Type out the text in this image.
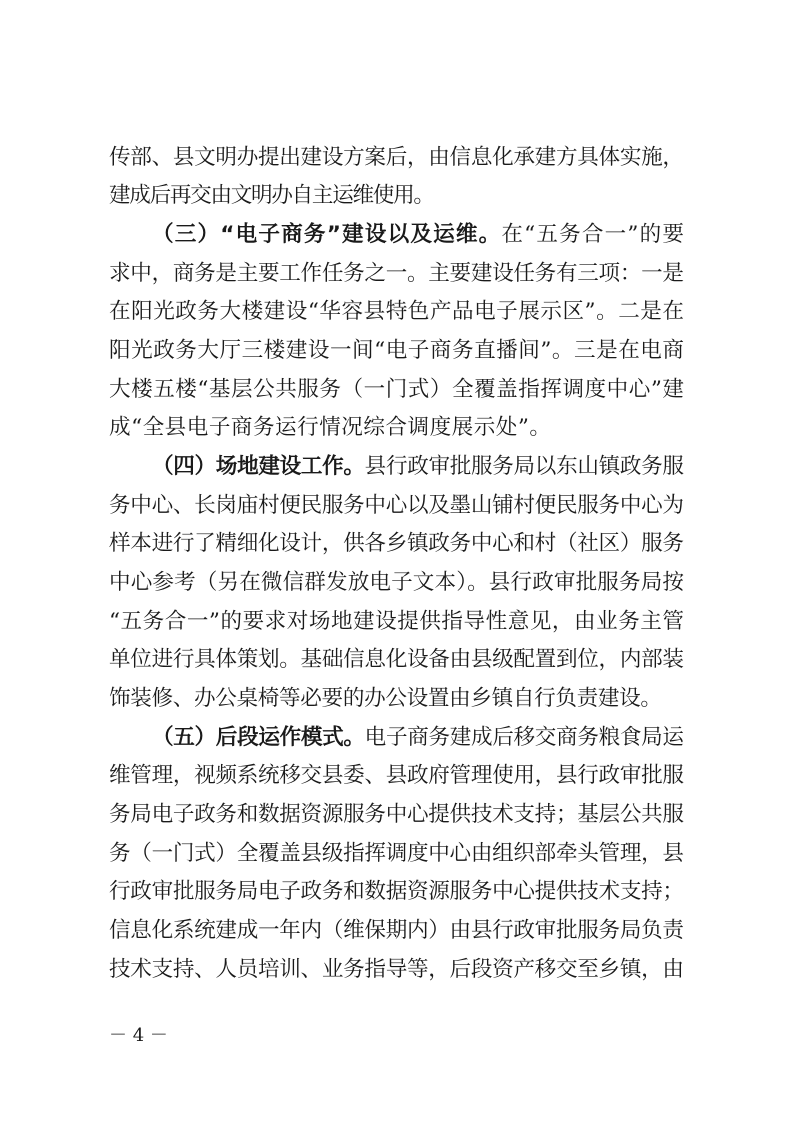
传部、县文明办提出建设方案后，由信息化承建方具体实施，
建成后再交由文明办自主运维使用。
（三）“电子商务”建设以及运维。在“五务合一”的要
求中，商务是主要工作任务之一。主要建设任务有三项：一是
在阳光政务大楼建设“华容县特色产品电子展示区”。二是在
阳光政务大厅三楼建设一间“电子商务直播间”。三是在电商
大楼五楼“基层公共服务（一门式）全覆盖指挥调度中心”建
成“全县电子商务运行情况综合调度展示处”。
（四）场地建设工作。县行政审批服务局以东山镇政务服
务中心、长岗庙村便民服务中心以及墨山铺村便民服务中心为
样本进行了精细化设计，供各乡镇政务中心和村（社区）服务
中心参考（另在微信群发放电子文本）。县行政审批服务局按
“五务合一”的要求对场地建设提供指导性意见，由业务主管
单位进行具体策划。基础信息化设备由县级配置到位，内部装
饰装修、办公桌椅等必要的办公设置由乡镇自行负责建设。
（五）后段运作模式。电子商务建成后移交商务粮食局运
维管理，视频系统移交县委、县政府管理使用，县行政审批服
务局电子政务和数据资源服务中心提供技术支持；基层公共服
务（一门式）全覆盖县级指挥调度中心由组织部牵头管理，县
行政审批服务局电子政务和数据资源服务中心提供技术支持；
信息化系统建成一年内（维保期内）由县行政审批服务局负责
技术支持、人员培训、业务指导等，后段资产移交至乡镇，由
－ 4 －
